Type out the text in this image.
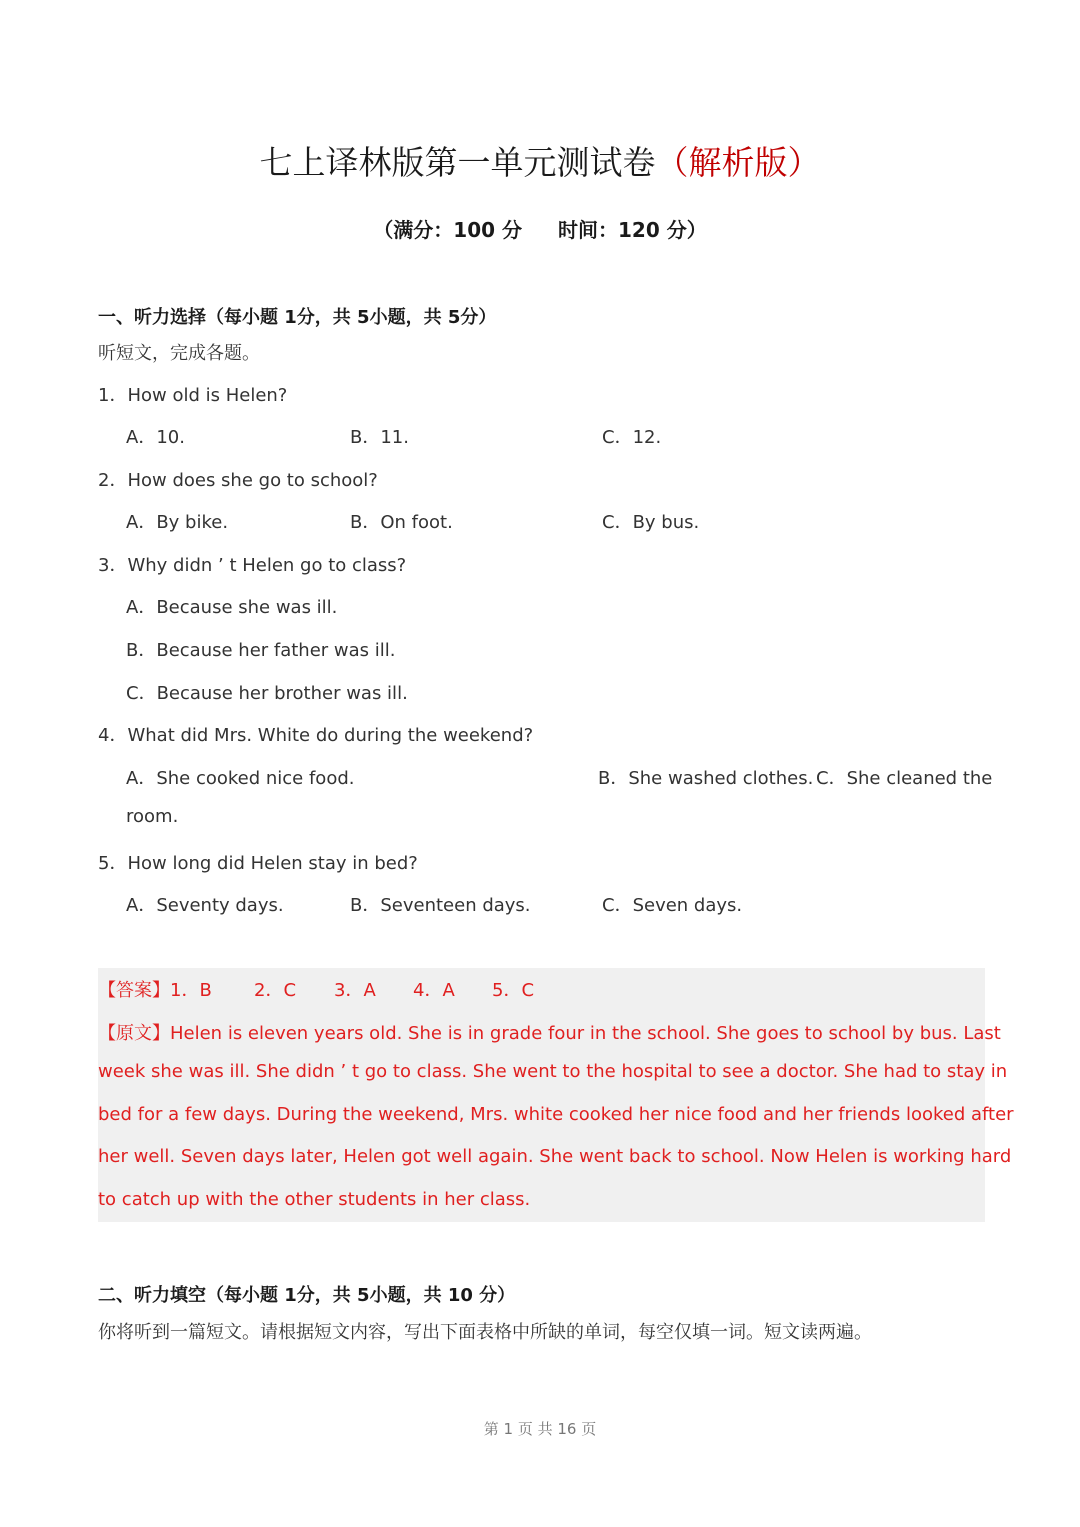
七上译林版第一单元测试卷（解析版）
（满分：100 分 时间：120 分）
一、听力选择（每小题 1分，共 5小题，共 5分）
听短文，完成各题。
1．How old is Helen?
A．10.	B．11.	C．12.
2．How does she go to school?
A．By bike.	B．On foot.	C．By bus.
3．Why didn ’ t Helen go to class?
A．Because she was ill.
B．Because her father was ill.
C．Because her brother was ill.
4．What did Mrs. White do during the weekend?
A．She cooked nice food.	B．She washed clothes. C．She cleaned the
room.
5．How long did Helen stay in bed?
A．Seventy days.	B．Seventeen days.	C．Seven days.
【答案】1．B 2．C 3．A 4．A 5．C
【原文】Helen is eleven years old. She is in grade four in the school. She goes to school by bus. Last
week she was ill. She didn ’ t go to class. She went to the hospital to see a doctor. She had to stay in
bed for a few days. During the weekend, Mrs. white cooked her nice food and her friends looked after
her well. Seven days later, Helen got well again. She went back to school. Now Helen is working hard
to catch up with the other students in her class.
二、听力填空（每小题 1分，共 5小题，共 10 分）
你将听到一篇短文。请根据短文内容，写出下面表格中所缺的单词，每空仅填一词。短文读两遍。
第 1 页 共 16 页
